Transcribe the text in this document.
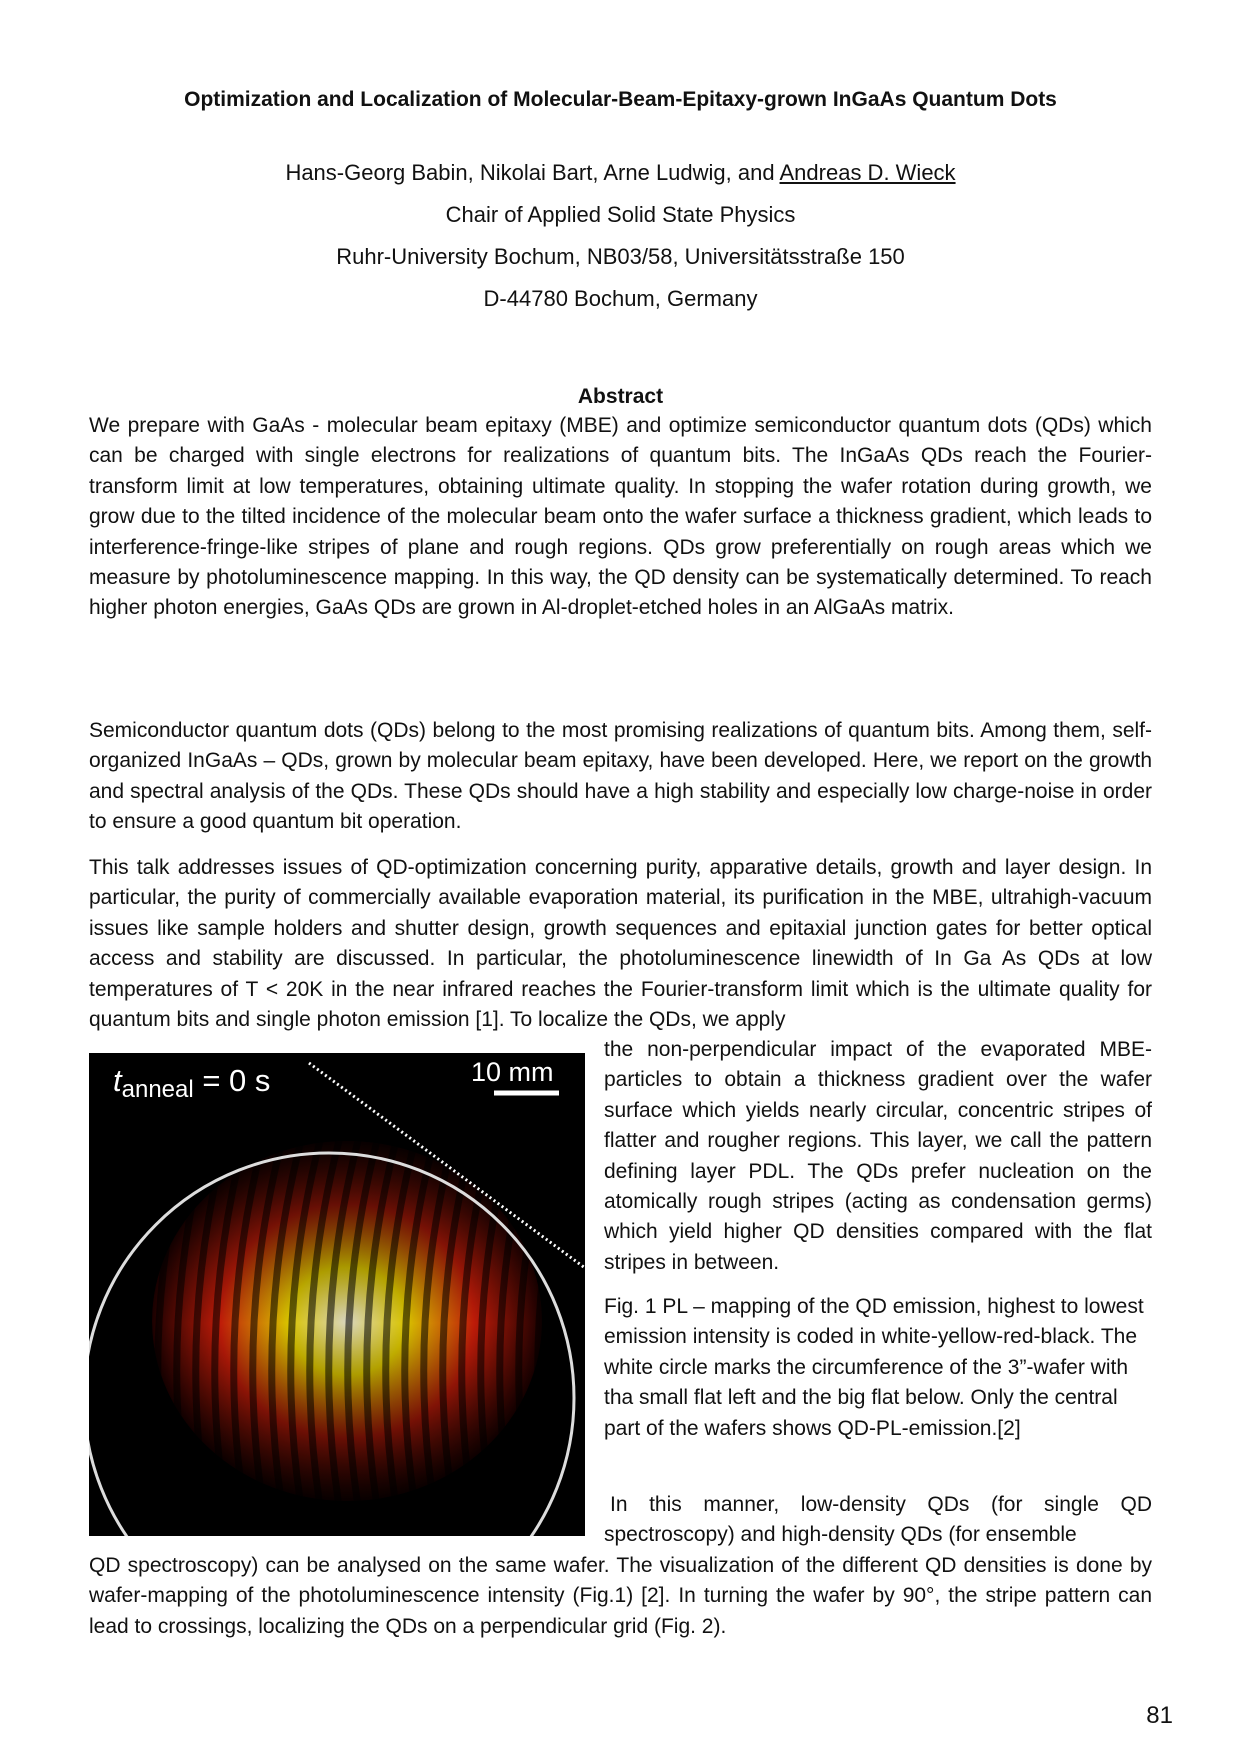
Optimization and Localization of Molecular-Beam-Epitaxy-grown InGaAs Quantum Dots
Hans-Georg Babin, Nikolai Bart, Arne Ludwig, and Andreas D. Wieck
Chair of Applied Solid State Physics
Ruhr-University Bochum, NB03/58, Universitätsstraße 150
D-44780 Bochum, Germany
Abstract

We prepare with GaAs - molecular beam epitaxy (MBE) and optimize semiconductor quantum dots (QDs) which can be charged with single electrons for realizations of quantum bits. The InGaAs QDs reach the Fourier-transform limit at low temperatures, obtaining ultimate quality. In stopping the wafer rotation during growth, we grow due to the tilted incidence of the molecular beam onto the wafer surface a thickness gradient, which leads to interference-fringe-like stripes of plane and rough regions. QDs grow preferentially on rough areas which we measure by photoluminescence mapping. In this way, the QD density can be systematically determined. To reach higher photon energies, GaAs QDs are grown in Al-droplet-etched holes in an AlGaAs matrix.

Semiconductor quantum dots (QDs) belong to the most promising realizations of quantum bits. Among them, self-organized InGaAs – QDs, grown by molecular beam epitaxy, have been developed. Here, we report on the growth and spectral analysis of the QDs. These QDs should have a high stability and especially low charge-noise in order to ensure a good quantum bit operation.

This talk addresses issues of QD-optimization concerning purity, apparative details, growth and layer design. In particular, the purity of commercially available evaporation material, its purification in the MBE, ultrahigh-vacuum issues like sample holders and shutter design, growth sequences and epitaxial junction gates for better optical access and stability are discussed. In particular, the photoluminescence linewidth of In Ga As QDs at low temperatures of T < 20K in the near infrared reaches the Fourier-transform limit which is the ultimate quality for quantum bits and single photon emission [1]. To localize the QDs, we apply

tanneal = 0 s	10 mm

the non-perpendicular impact of the evaporated MBE-particles to obtain a thickness gradient over the wafer surface which yields nearly circular, concentric stripes of flatter and rougher regions. This layer, we call the pattern defining layer PDL. The QDs prefer nucleation on the atomically rough stripes (acting as condensation germs) which yield higher QD densities compared with the flat stripes in between.

Fig. 1 PL – mapping of the QD emission, highest to lowest emission intensity is coded in white-yellow-red-black. The white circle marks the circumference of the 3”-wafer with tha small flat left and the big flat below. Only the central part of the wafers shows QD-PL-emission.[2]

In this manner, low-density QDs (for single QD spectroscopy) and high-density QDs (for ensemble

QD spectroscopy) can be analysed on the same wafer. The visualization of the different QD densities is done by wafer-mapping of the photoluminescence intensity (Fig.1) [2]. In turning the wafer by 90°, the stripe pattern can lead to crossings, localizing the QDs on a perpendicular grid (Fig. 2).

81
